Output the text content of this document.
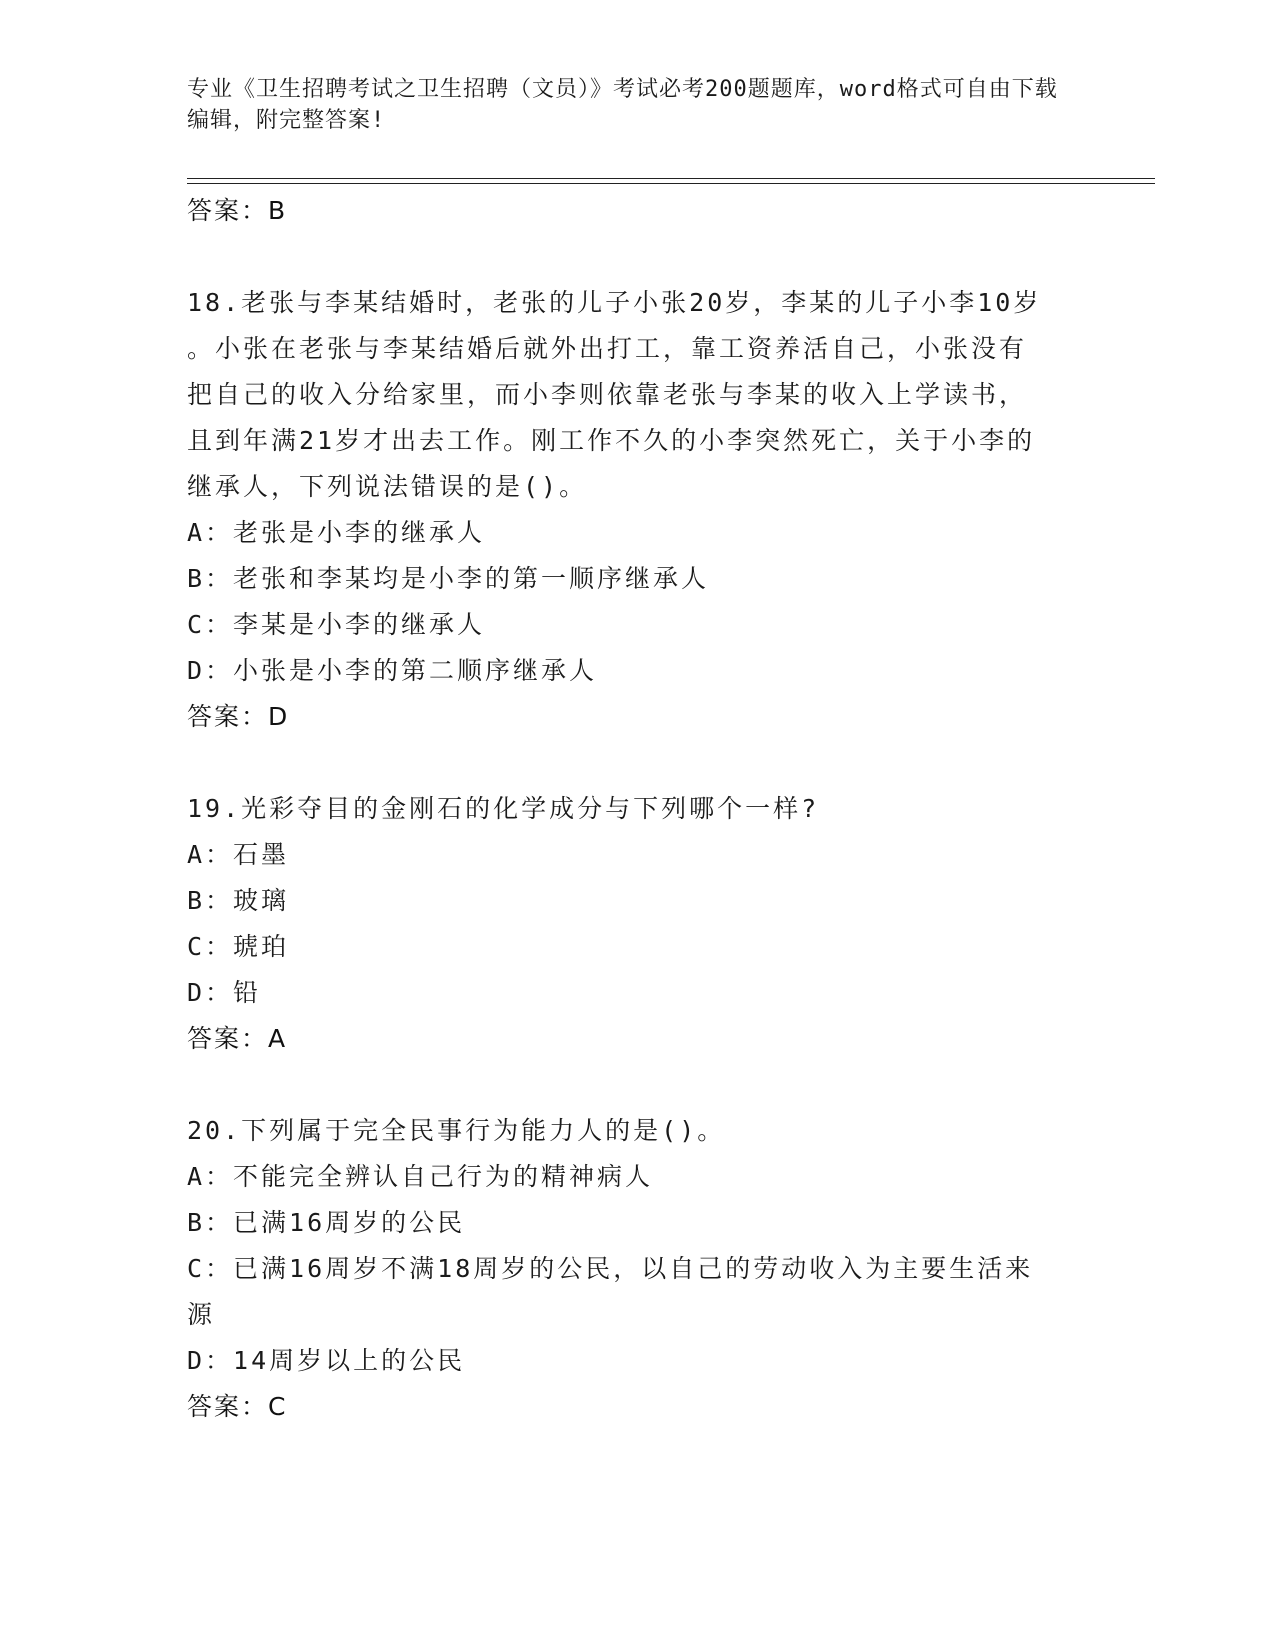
专业《卫生招聘考试之卫生招聘（文员）》考试必考200题题库，word格式可自由下载编辑，附完整答案!
答案：B
18.老张与李某结婚时，老张的儿子小张20岁，李某的儿子小李10岁
。小张在老张与李某结婚后就外出打工，靠工资养活自己，小张没有
把自己的收入分给家里，而小李则依靠老张与李某的收入上学读书，
且到年满21岁才出去工作。刚工作不久的小李突然死亡，关于小李的
继承人，下列说法错误的是()。
A：老张是小李的继承人
B：老张和李某均是小李的第一顺序继承人
C：李某是小李的继承人
D：小张是小李的第二顺序继承人
答案：D
19.光彩夺目的金刚石的化学成分与下列哪个一样?
A：石墨
B：玻璃
C：琥珀
D：铅
答案：A
20.下列属于完全民事行为能力人的是()。
A：不能完全辨认自己行为的精神病人
B：已满16周岁的公民
C：已满16周岁不满18周岁的公民，以自己的劳动收入为主要生活来
源
D：14周岁以上的公民
答案：C
